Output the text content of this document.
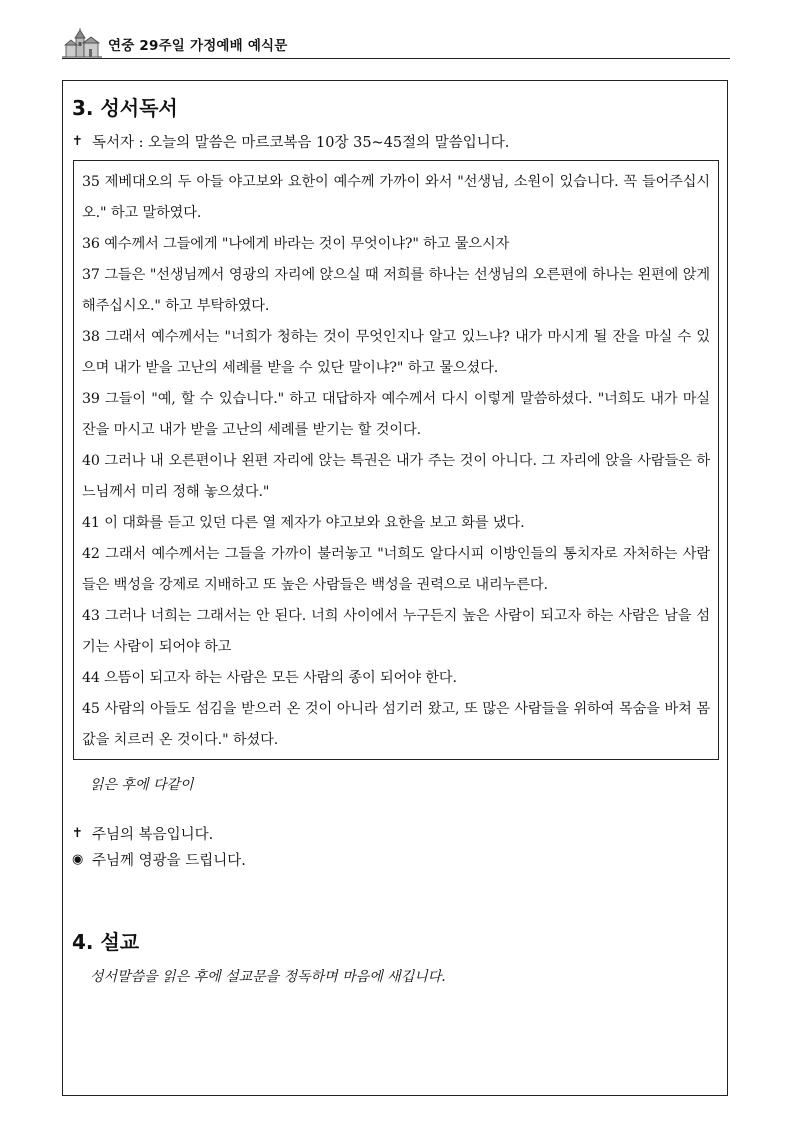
연중 29주일 가정예배 예식문
3. 성서독서
✝ 독서자 : 오늘의 말씀은 마르코복음 10장 35~45절의 말씀입니다.

35 제베대오의 두 아들 야고보와 요한이 예수께 가까이 와서 "선생님, 소원이 있습니다. 꼭 들어주십시오." 하고 말하였다.

36 예수께서 그들에게 "나에게 바라는 것이 무엇이냐?" 하고 물으시자

37 그들은 "선생님께서 영광의 자리에 앉으실 때 저희를 하나는 선생님의 오른편에 하나는 왼편에 앉게 해주십시오." 하고 부탁하였다.

38 그래서 예수께서는 "너희가 청하는 것이 무엇인지나 알고 있느냐? 내가 마시게 될 잔을 마실 수 있으며 내가 받을 고난의 세례를 받을 수 있단 말이냐?" 하고 물으셨다.

39 그들이 "예, 할 수 있습니다." 하고 대답하자 예수께서 다시 이렇게 말씀하셨다. "너희도 내가 마실 잔을 마시고 내가 받을 고난의 세례를 받기는 할 것이다.

40 그러나 내 오른편이나 왼편 자리에 앉는 특권은 내가 주는 것이 아니다. 그 자리에 앉을 사람들은 하느님께서 미리 정해 놓으셨다."

41 이 대화를 듣고 있던 다른 열 제자가 야고보와 요한을 보고 화를 냈다.

42 그래서 예수께서는 그들을 가까이 불러놓고 "너희도 알다시피 이방인들의 통치자로 자처하는 사람들은 백성을 강제로 지배하고 또 높은 사람들은 백성을 권력으로 내리누른다.

43 그러나 너희는 그래서는 안 된다. 너희 사이에서 누구든지 높은 사람이 되고자 하는 사람은 남을 섬기는 사람이 되어야 하고

44 으뜸이 되고자 하는 사람은 모든 사람의 종이 되어야 한다.

45 사람의 아들도 섬김을 받으러 온 것이 아니라 섬기러 왔고, 또 많은 사람들을 위하여 목숨을 바쳐 몸값을 치르러 온 것이다." 하셨다.

읽은 후에 다같이

✝ 주님의 복음입니다.
◉ 주님께 영광을 드립니다.
4. 설교

성서말씀을 읽은 후에 설교문을 정독하며 마음에 새깁니다.
